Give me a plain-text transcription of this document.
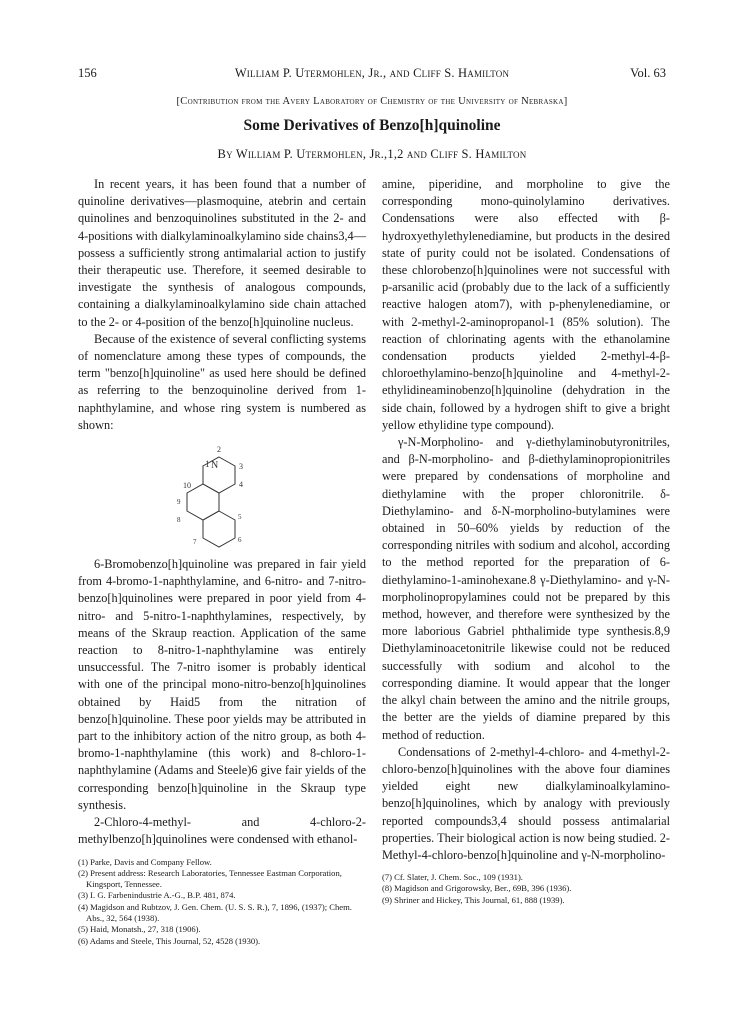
156	William P. Utermohlen, Jr., and Cliff S. Hamilton	Vol. 63
[Contribution from the Avery Laboratory of Chemistry of the University of Nebraska]
Some Derivatives of Benzo[h]quinoline
By William P. Utermohlen, Jr.,1,2 and Cliff S. Hamilton

In recent years, it has been found that a number of quinoline derivatives—plasmoquine, atebrin and certain quinolines and benzoquinolines substituted in the 2- and 4-positions with dialkylaminoalkylamino side chains3,4—possess a sufficiently strong antimalarial action to justify their therapeutic use. Therefore, it seemed desirable to investigate the synthesis of analogous compounds, containing a dialkylaminoalkylamino side chain attached to the 2- or 4-position of the benzo[h]quinoline nucleus.

Because of the existence of several conflicting systems of nomenclature among these types of compounds, the term "benzo[h]quinoline" as used here should be defined as referring to the benzoquinoline derived from 1-naphthylamine, and whose ring system is numbered as shown:

1 N
2
3
4
10
5
6
9
8
7

6-Bromobenzo[h]quinoline was prepared in fair yield from 4-bromo-1-naphthylamine, and 6-nitro- and 7-nitro-benzo[h]quinolines were prepared in poor yield from 4-nitro- and 5-nitro-1-naphthylamines, respectively, by means of the Skraup reaction. Application of the same reaction to 8-nitro-1-naphthylamine was entirely unsuccessful. The 7-nitro isomer is probably identical with one of the principal mono-nitro-benzo[h]quinolines obtained by Haid5 from the nitration of benzo[h]quinoline. These poor yields may be attributed in part to the inhibitory action of the nitro group, as both 4-bromo-1-naphthylamine (this work) and 8-chloro-1-naphthylamine (Adams and Steele)6 give fair yields of the corresponding benzo[h]quinoline in the Skraup type synthesis.

2-Chloro-4-methyl- and 4-chloro-2-methylbenzo[h]quinolines were condensed with ethanol-

(1) Parke, Davis and Company Fellow.
(2) Present address: Research Laboratories, Tennessee Eastman Corporation, Kingsport, Tennessee.
(3) I. G. Farbenindustrie A.-G., B.P. 481, 874.
(4) Magidson and Rubtzov, J. Gen. Chem. (U. S. S. R.), 7, 1896, (1937); Chem. Abs., 32, 564 (1938).
(5) Haid, Monatsh., 27, 318 (1906).
(6) Adams and Steele, This Journal, 52, 4528 (1930).

amine, piperidine, and morpholine to give the corresponding mono-quinolylamino derivatives. Condensations were also effected with β-hydroxyethylethylenediamine, but products in the desired state of purity could not be isolated. Condensations of these chlorobenzo[h]quinolines were not successful with p-arsanilic acid (probably due to the lack of a sufficiently reactive halogen atom7), with p-phenylenediamine, or with 2-methyl-2-aminopropanol-1 (85% solution). The reaction of chlorinating agents with the ethanolamine condensation products yielded 2-methyl-4-β-chloroethylamino-benzo[h]quinoline and 4-methyl-2-ethylidineaminobenzo[h]quinoline (dehydration in the side chain, followed by a hydrogen shift to give a bright yellow ethylidine type compound).

γ-N-Morpholino- and γ-diethylaminobutyronitriles, and β-N-morpholino- and β-diethylaminopropionitriles were prepared by condensations of morpholine and diethylamine with the proper chloronitrile. δ-Diethylamino- and δ-N-morpholino-butylamines were obtained in 50–60% yields by reduction of the corresponding nitriles with sodium and alcohol, according to the method reported for the preparation of 6-diethylamino-1-aminohexane.8 γ-Diethylamino- and γ-N-morpholinopropylamines could not be prepared by this method, however, and therefore were synthesized by the more laborious Gabriel phthalimide type synthesis.8,9 Diethylaminoacetonitrile likewise could not be reduced successfully with sodium and alcohol to the corresponding diamine. It would appear that the longer the alkyl chain between the amino and the nitrile groups, the better are the yields of diamine prepared by this method of reduction.

Condensations of 2-methyl-4-chloro- and 4-methyl-2-chloro-benzo[h]quinolines with the above four diamines yielded eight new dialkylaminoalkylamino-benzo[h]quinolines, which by analogy with previously reported compounds3,4 should possess antimalarial properties. Their biological action is now being studied. 2-Methyl-4-chloro-benzo[h]quinoline and γ-N-morpholino-

(7) Cf. Slater, J. Chem. Soc., 109 (1931).
(8) Magidson and Grigorowsky, Ber., 69B, 396 (1936).
(9) Shriner and Hickey, This Journal, 61, 888 (1939).
